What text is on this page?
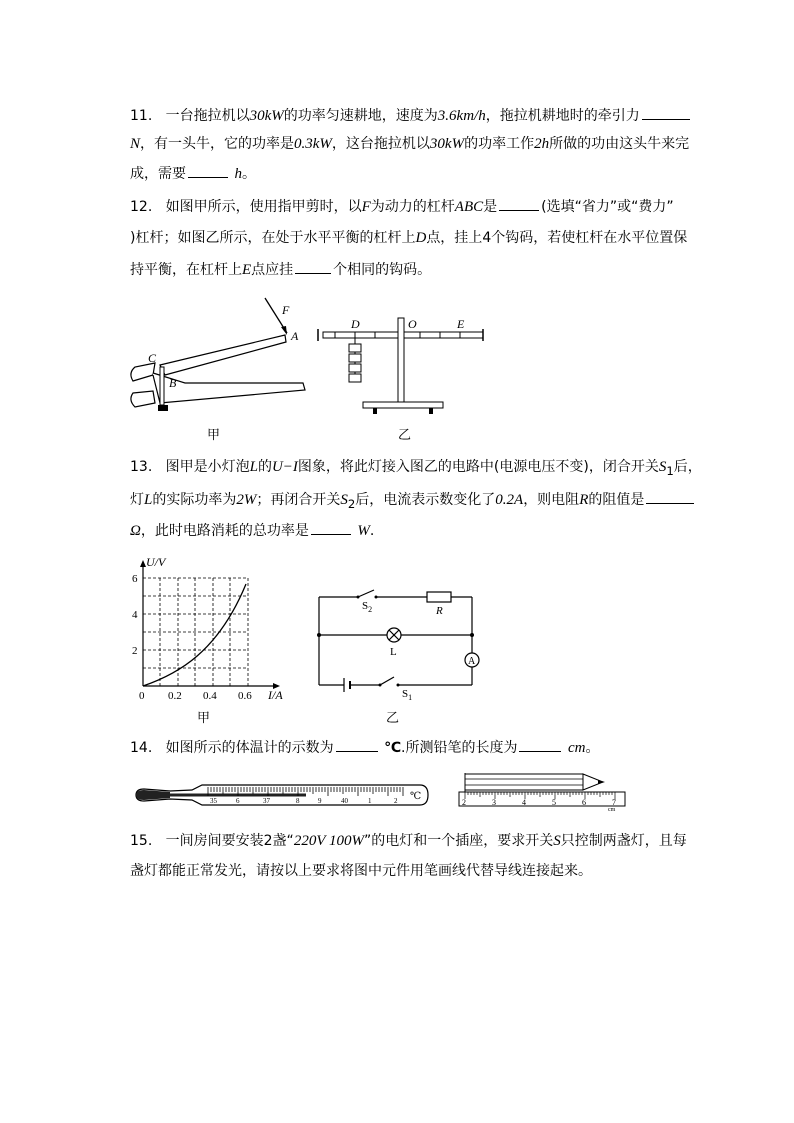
11. 一台拖拉机以30kW的功率匀速耕地，速度为3.6km/h，拖拉机耕地时的牵引力
N，有一头牛，它的功率是0.3kW，这台拖拉机以30kW的功率工作2h所做的功由这头牛来完
成，需要	h。
12. 如图甲所示，使用指甲剪时，以F为动力的杠杆ABC是	(选填“省力”或“费力”
)杠杆；如图乙所示，在处于水平平衡的杠杆上D点，挂上4个钩码，若使杠杆在水平位置保
持平衡，在杠杆上E点应挂	个相同的钩码。
F
A
C
B
甲
D	O	E
乙
13. 图甲是小灯泡L的U−I图象，将此灯接入图乙的电路中(电源电压不变)，闭合开关$S_1$后，
灯L的实际功率为2W；再闭合开关$S_2$后，电流表示数变化了0.2A，则电阻R的阻值是
Ω，此时电路消耗的总功率是	W.
U/V
6
4
2
0 0.2 0.4 0.6 I/A
甲
$S_2$	R
L
A
$S_1$
乙
14. 如图所示的体温计的示数为	℃.所测铅笔的长度为	cm。
35	6	37	8	9	40	1	2 ℃
2	3	4	5	6	7
cm
15. 一间房间要安装2盏“220V 100W”的电灯和一个插座，要求开关S只控制两盏灯，且每
盏灯都能正常发光，请按以上要求将图中元件用笔画线代替导线连接起来。
